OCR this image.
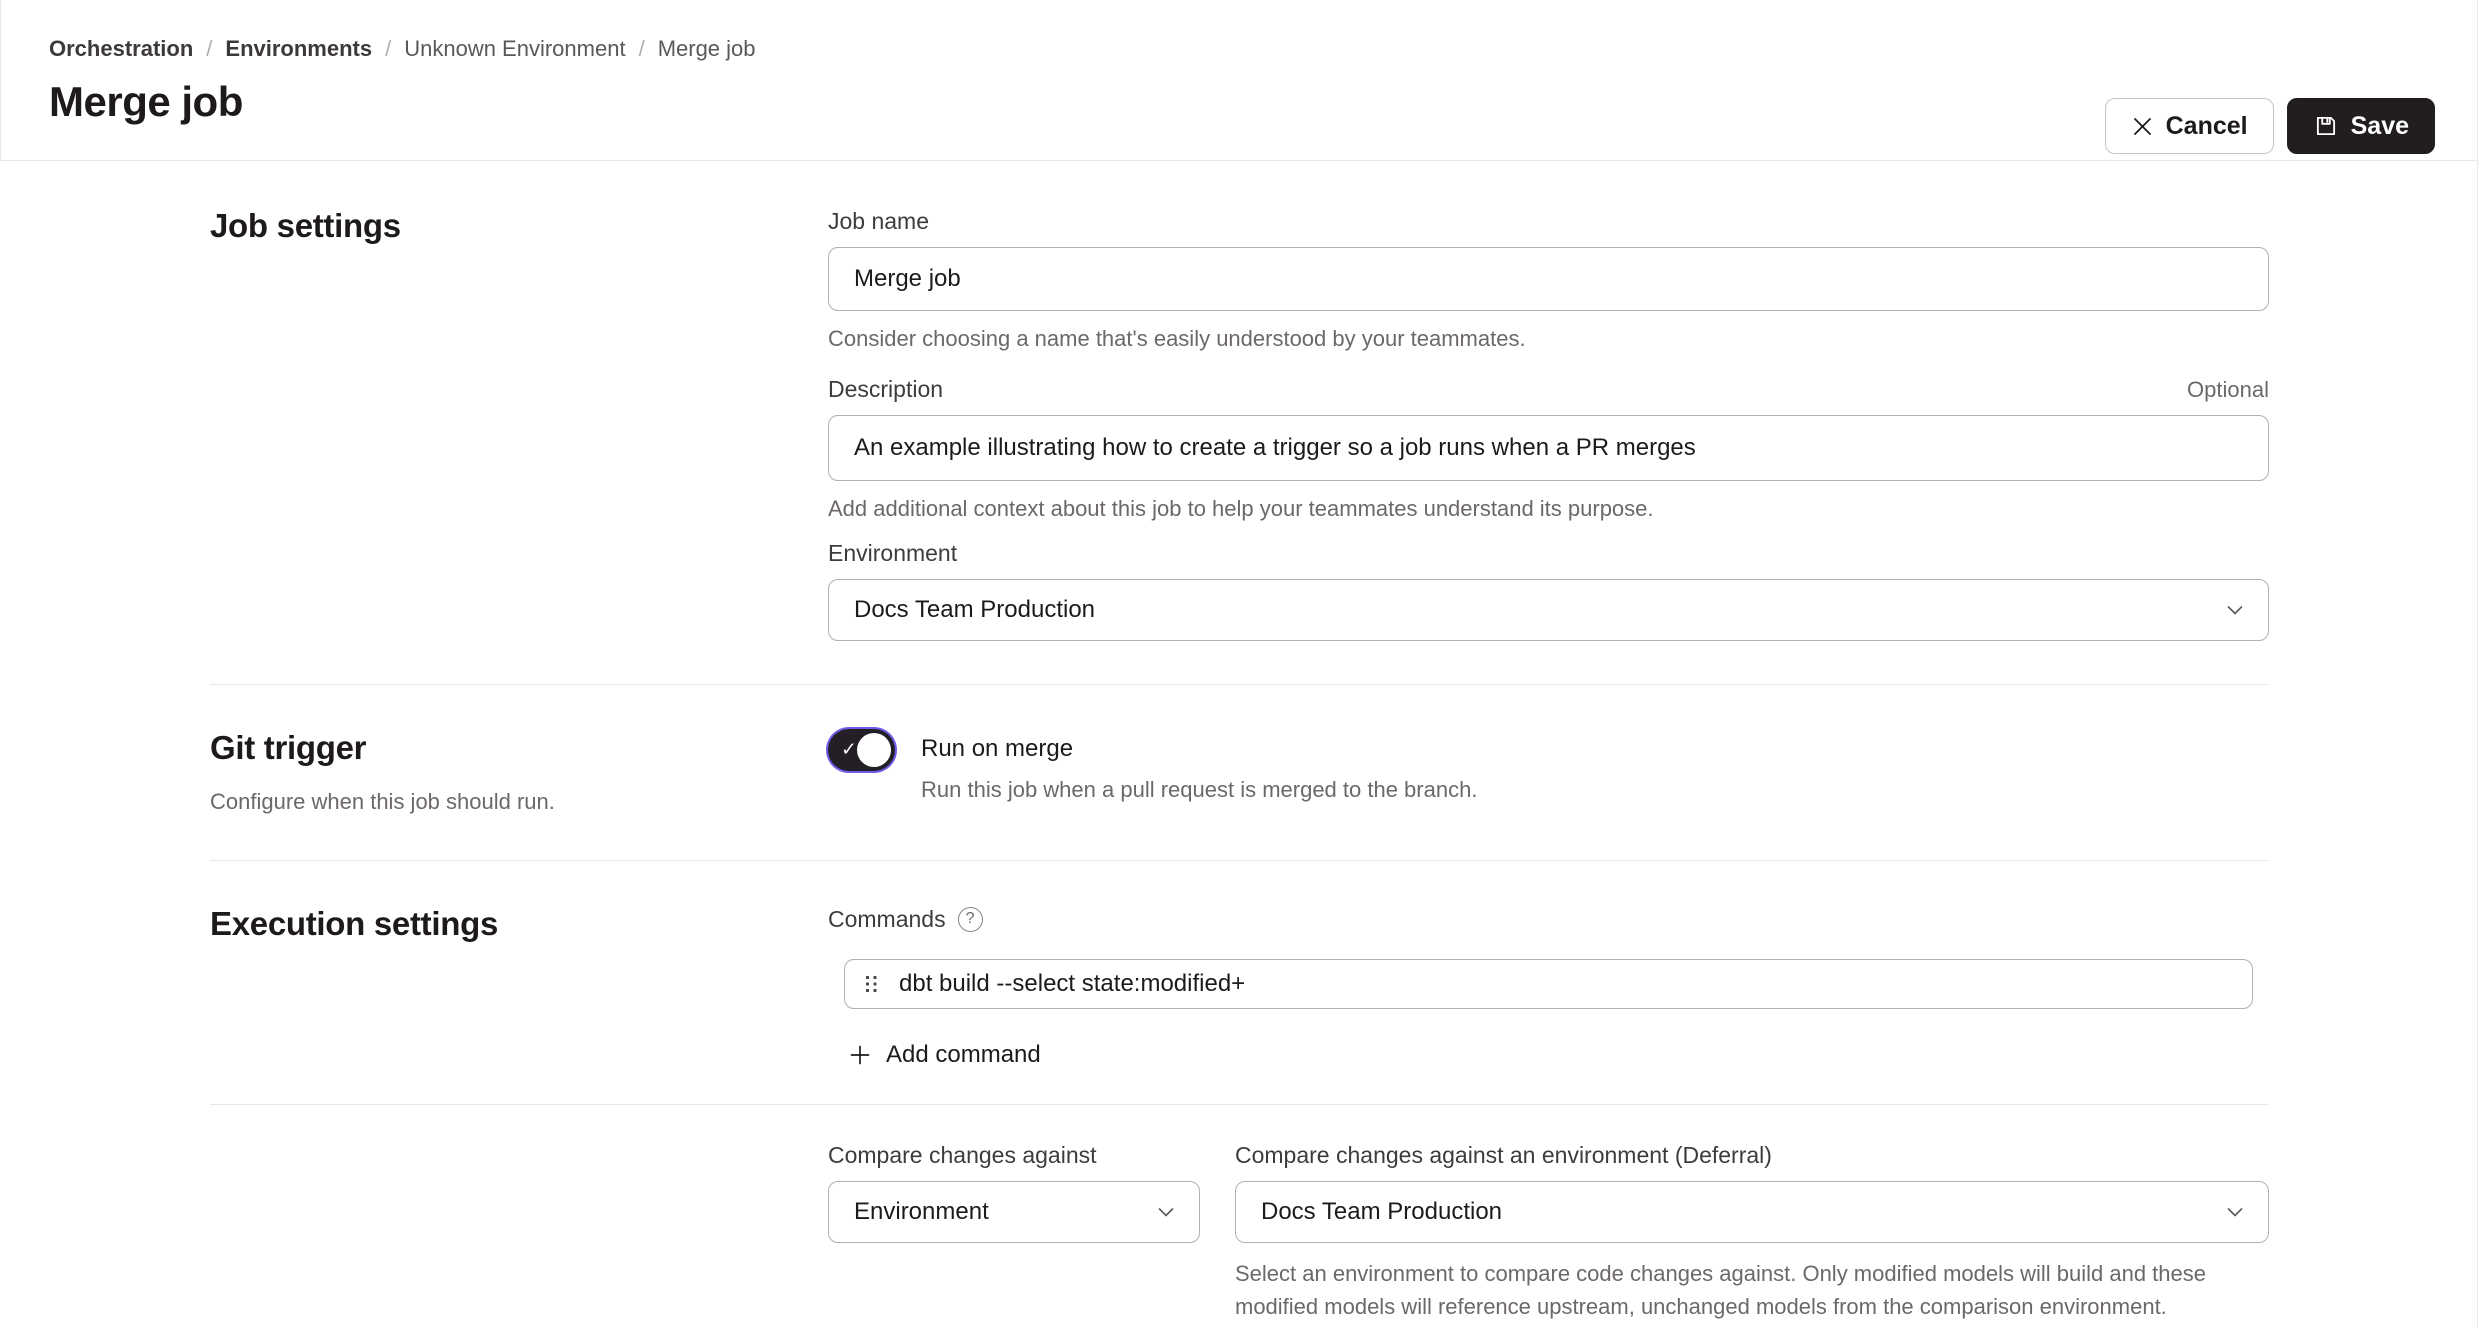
Orchestration / Environments / Unknown Environment / Merge job
Merge job
Cancel	Save
Job settings	Job name
Merge job
Consider choosing a name that's easily understood by your teammates.
Description	Optional
An example illustrating how to create a trigger so a job runs when a PR merges
Add additional context about this job to help your teammates understand its purpose.
Environment
Docs Team Production
Git trigger
Configure when this job should run.
✓	Run on merge
Run this job when a pull request is merged to the branch.
Execution settings	Commands	?
dbt build --select state:modified+
Add command
Compare changes against
Environment
Compare changes against an environment (Deferral)
Docs Team Production
Select an environment to compare code changes against. Only modified models will build and these modified models will reference upstream, unchanged models from the comparison environment.
